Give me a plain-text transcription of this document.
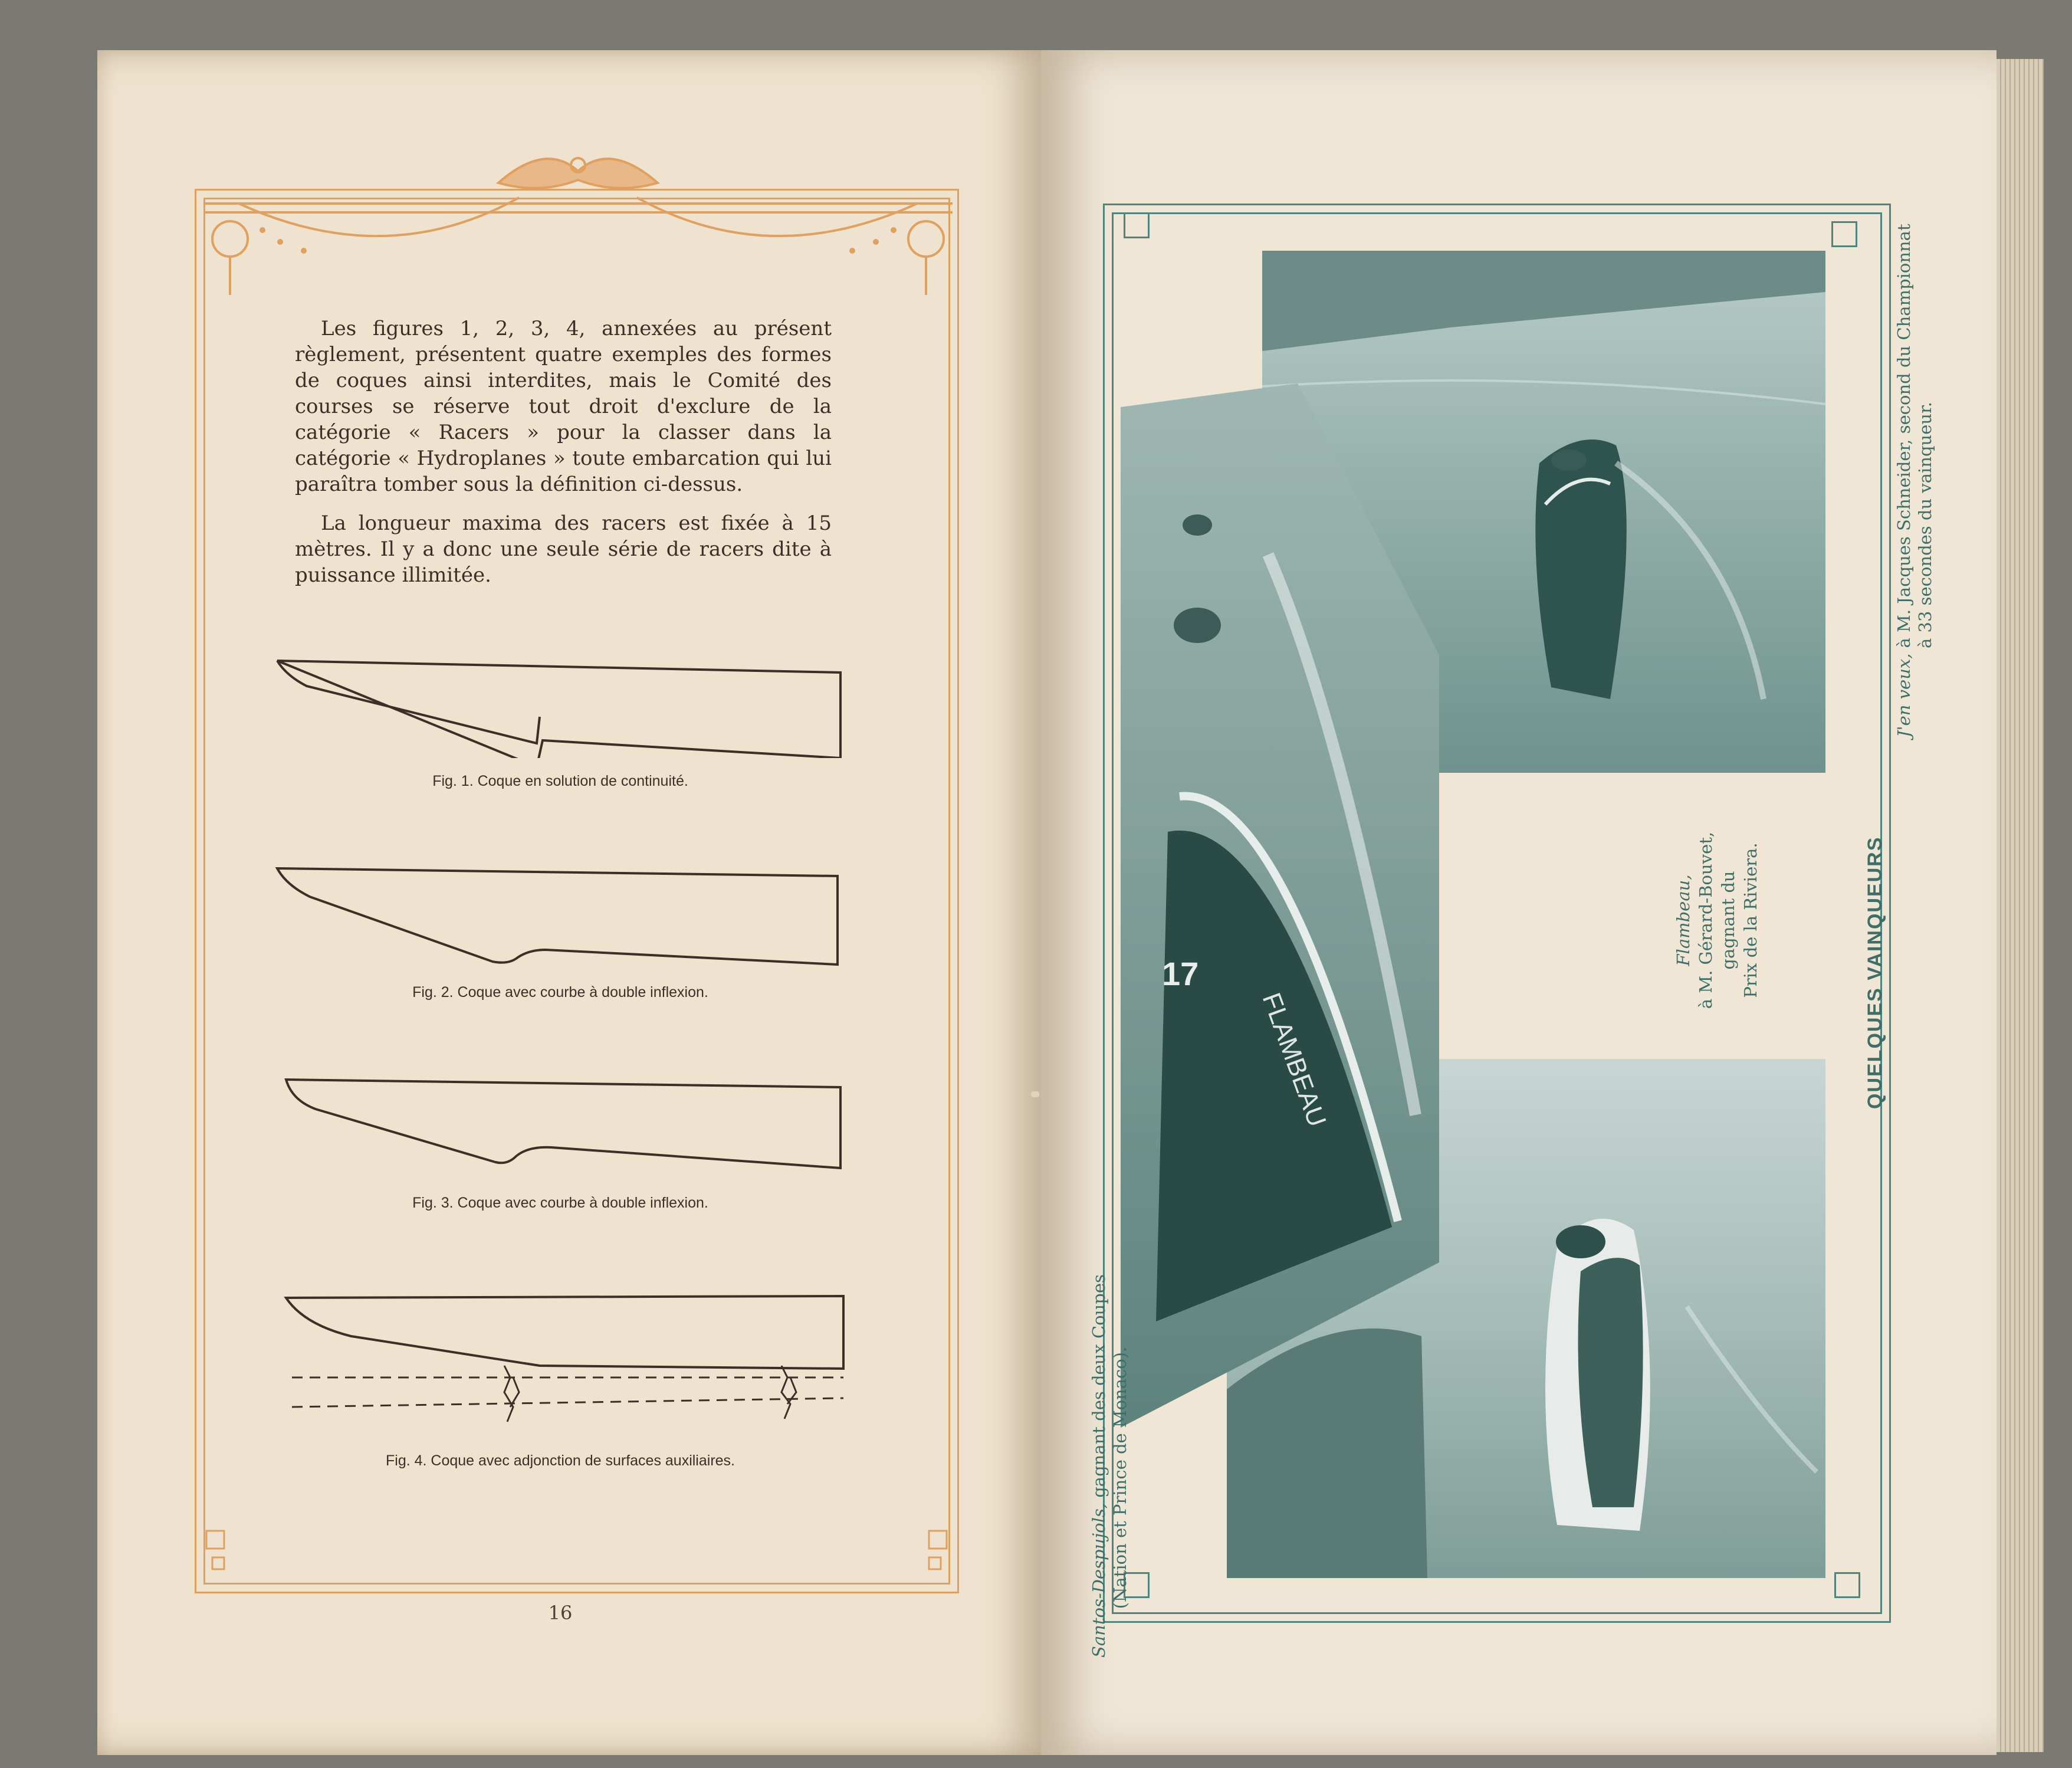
Les figures 1, 2, 3, 4, annexées au présent règlement, présentent quatre exemples des formes de coques ainsi interdites, mais le Comité des courses se réserve tout droit d'exclure de la catégorie « Racers » pour la classer dans la catégorie « Hydroplanes » toute embarcation qui lui paraîtra tomber sous la définition ci-dessus.

La longueur maxima des racers est fixée à 15 mètres. Il y a donc une seule série de racers dite à puissance illimitée.

Fig. 1. Coque en solution de continuité.
Fig. 2. Coque avec courbe à double inflexion.
Fig. 3. Coque avec courbe à double inflexion.
Fig. 4. Coque avec adjonction de surfaces auxiliaires.
16
FLAMBEAU
17
Flambeau, à M. Gérard-Bouvet, gagnant du Prix de la Riviera.	QUELQUES VAINQUEURS
J'en veux, à M. Jacques Schneider, second du Championnat à 33 secondes du vainqueur.
Santos-Despujols, gagnant des deux Coupes (Nation et Prince de Monaco).
